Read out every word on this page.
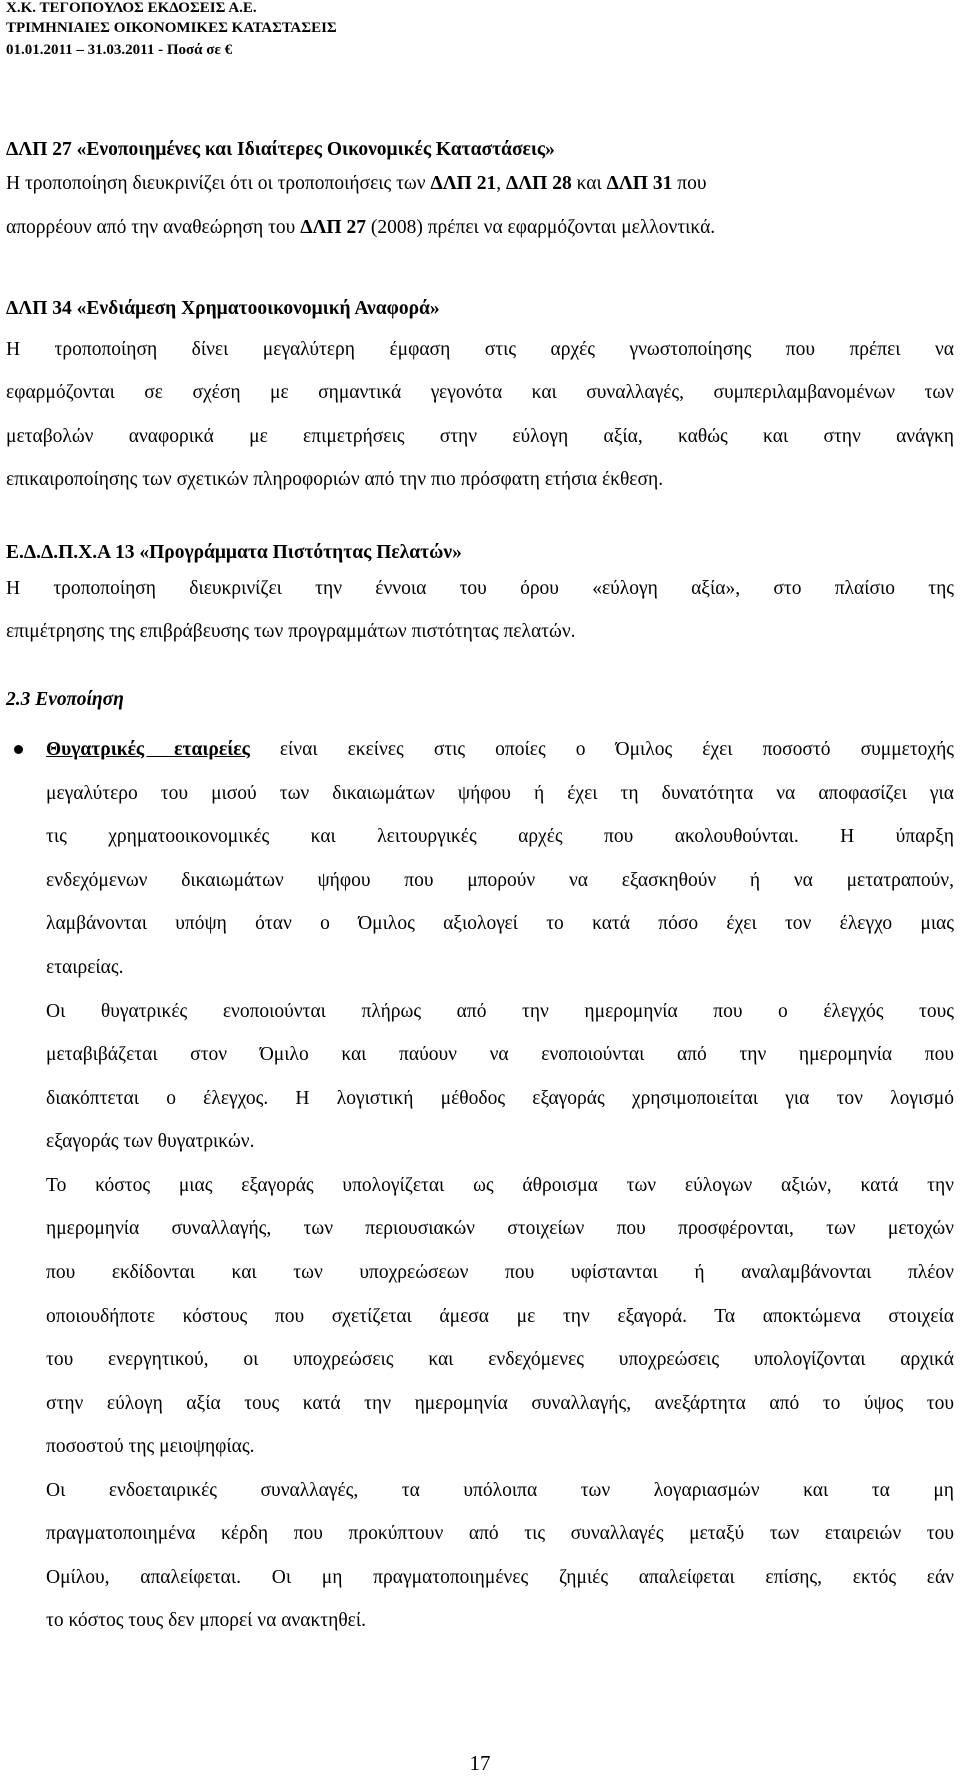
Χ.Κ. ΤΕΓΟΠΟΥΛΟΣ ΕΚΔΟΣΕΙΣ Α.Ε.
ΤΡΙΜΗΝΙΑΙΕΣ ΟΙΚΟΝΟΜΙΚΕΣ ΚΑΤΑΣΤΑΣΕΙΣ
01.01.2011 – 31.03.2011 - Ποσά σε €
ΔΛΠ 27 «Ενοποιημένες και Ιδιαίτερες Οικονομικές Καταστάσεις»
Η τροποποίηση διευκρινίζει ότι οι τροποποιήσεις των ΔΛΠ 21, ΔΛΠ 28 και ΔΛΠ 31 που
απορρέουν από την αναθεώρηση του ΔΛΠ 27 (2008) πρέπει να εφαρμόζονται μελλοντικά.
ΔΛΠ 34 «Ενδιάμεση Χρηματοοικονομική Αναφορά»
Η τροποποίηση δίνει μεγαλύτερη έμφαση στις αρχές γνωστοποίησης που πρέπει να
εφαρμόζονται σε σχέση με σημαντικά γεγονότα και συναλλαγές, συμπεριλαμβανομένων των
μεταβολών αναφορικά με επιμετρήσεις στην εύλογη αξία, καθώς και στην ανάγκη
επικαιροποίησης των σχετικών πληροφοριών από την πιο πρόσφατη ετήσια έκθεση.
Ε.Δ.Δ.Π.Χ.Α 13 «Προγράμματα Πιστότητας Πελατών»
Η τροποποίηση διευκρινίζει την έννοια του όρου «εύλογη αξία», στο πλαίσιο της
επιμέτρησης της επιβράβευσης των προγραμμάτων πιστότητας πελατών.
2.3 Ενοποίηση
Θυγατρικές εταιρείες είναι εκείνες στις οποίες ο Όμιλος έχει ποσοστό συμμετοχής
μεγαλύτερο του μισού των δικαιωμάτων ψήφου ή έχει τη δυνατότητα να αποφασίζει για
τις χρηματοοικονομικές και λειτουργικές αρχές που ακολουθούνται. Η ύπαρξη
ενδεχόμενων δικαιωμάτων ψήφου που μπορούν να εξασκηθούν ή να μετατραπούν,
λαμβάνονται υπόψη όταν ο Όμιλος αξιολογεί το κατά πόσο έχει τον έλεγχο μιας
εταιρείας.
Οι θυγατρικές ενοποιούνται πλήρως από την ημερομηνία που ο έλεγχός τους
μεταβιβάζεται στον Όμιλο και παύουν να ενοποιούνται από την ημερομηνία που
διακόπτεται ο έλεγχος. Η λογιστική μέθοδος εξαγοράς χρησιμοποιείται για τον λογισμό
εξαγοράς των θυγατρικών.
Το κόστος μιας εξαγοράς υπολογίζεται ως άθροισμα των εύλογων αξιών, κατά την
ημερομηνία συναλλαγής, των περιουσιακών στοιχείων που προσφέρονται, των μετοχών
που εκδίδονται και των υποχρεώσεων που υφίστανται ή αναλαμβάνονται πλέον
οποιουδήποτε κόστους που σχετίζεται άμεσα με την εξαγορά. Τα αποκτώμενα στοιχεία
του ενεργητικού, οι υποχρεώσεις και ενδεχόμενες υποχρεώσεις υπολογίζονται αρχικά
στην εύλογη αξία τους κατά την ημερομηνία συναλλαγής, ανεξάρτητα από το ύψος του
ποσοστού της μειοψηφίας.
Οι ενδοεταιρικές συναλλαγές, τα υπόλοιπα των λογαριασμών και τα μη
πραγματοποιημένα κέρδη που προκύπτουν από τις συναλλαγές μεταξύ των εταιρειών του
Ομίλου, απαλείφεται. Οι μη πραγματοποιημένες ζημιές απαλείφεται επίσης, εκτός εάν
το κόστος τους δεν μπορεί να ανακτηθεί.
17
